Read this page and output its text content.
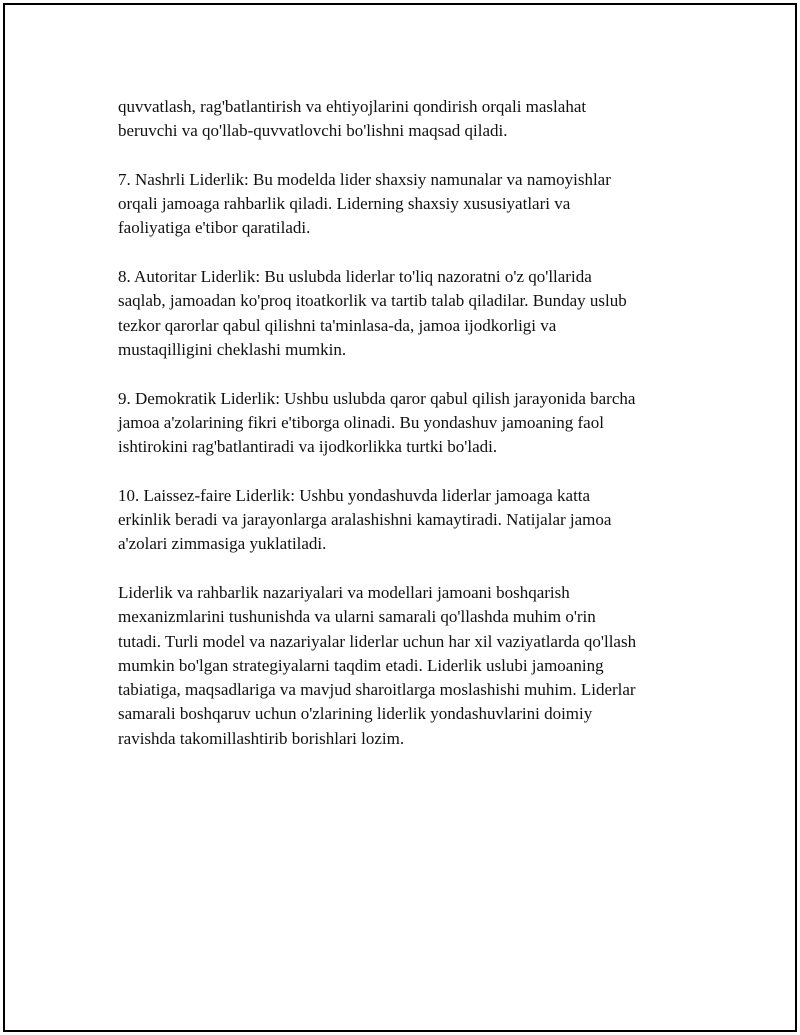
quvvatlash, rag'batlantirish va ehtiyojlarini qondirish orqali maslahat
beruvchi va qo'llab-quvvatlovchi bo'lishni maqsad qiladi.

7. Nashrli Liderlik: Bu modelda lider shaxsiy namunalar va namoyishlar
orqali jamoaga rahbarlik qiladi. Liderning shaxsiy xususiyatlari va
faoliyatiga e'tibor qaratiladi.

8. Autoritar Liderlik: Bu uslubda liderlar to'liq nazoratni o'z qo'llarida
saqlab, jamoadan ko'proq itoatkorlik va tartib talab qiladilar. Bunday uslub
tezkor qarorlar qabul qilishni ta'minlasa-da, jamoa ijodkorligi va
mustaqilligini cheklashi mumkin.

9. Demokratik Liderlik: Ushbu uslubda qaror qabul qilish jarayonida barcha
jamoa a'zolarining fikri e'tiborga olinadi. Bu yondashuv jamoaning faol
ishtirokini rag'batlantiradi va ijodkorlikka turtki bo'ladi.

10. Laissez-faire Liderlik: Ushbu yondashuvda liderlar jamoaga katta
erkinlik beradi va jarayonlarga aralashishni kamaytiradi. Natijalar jamoa
a'zolari zimmasiga yuklatiladi.

Liderlik va rahbarlik nazariyalari va modellari jamoani boshqarish
mexanizmlarini tushunishda va ularni samarali qo'llashda muhim o'rin
tutadi. Turli model va nazariyalar liderlar uchun har xil vaziyatlarda qo'llash
mumkin bo'lgan strategiyalarni taqdim etadi. Liderlik uslubi jamoaning
tabiatiga, maqsadlariga va mavjud sharoitlarga moslashishi muhim. Liderlar
samarali boshqaruv uchun o'zlarining liderlik yondashuvlarini doimiy
ravishda takomillashtirib borishlari lozim.
